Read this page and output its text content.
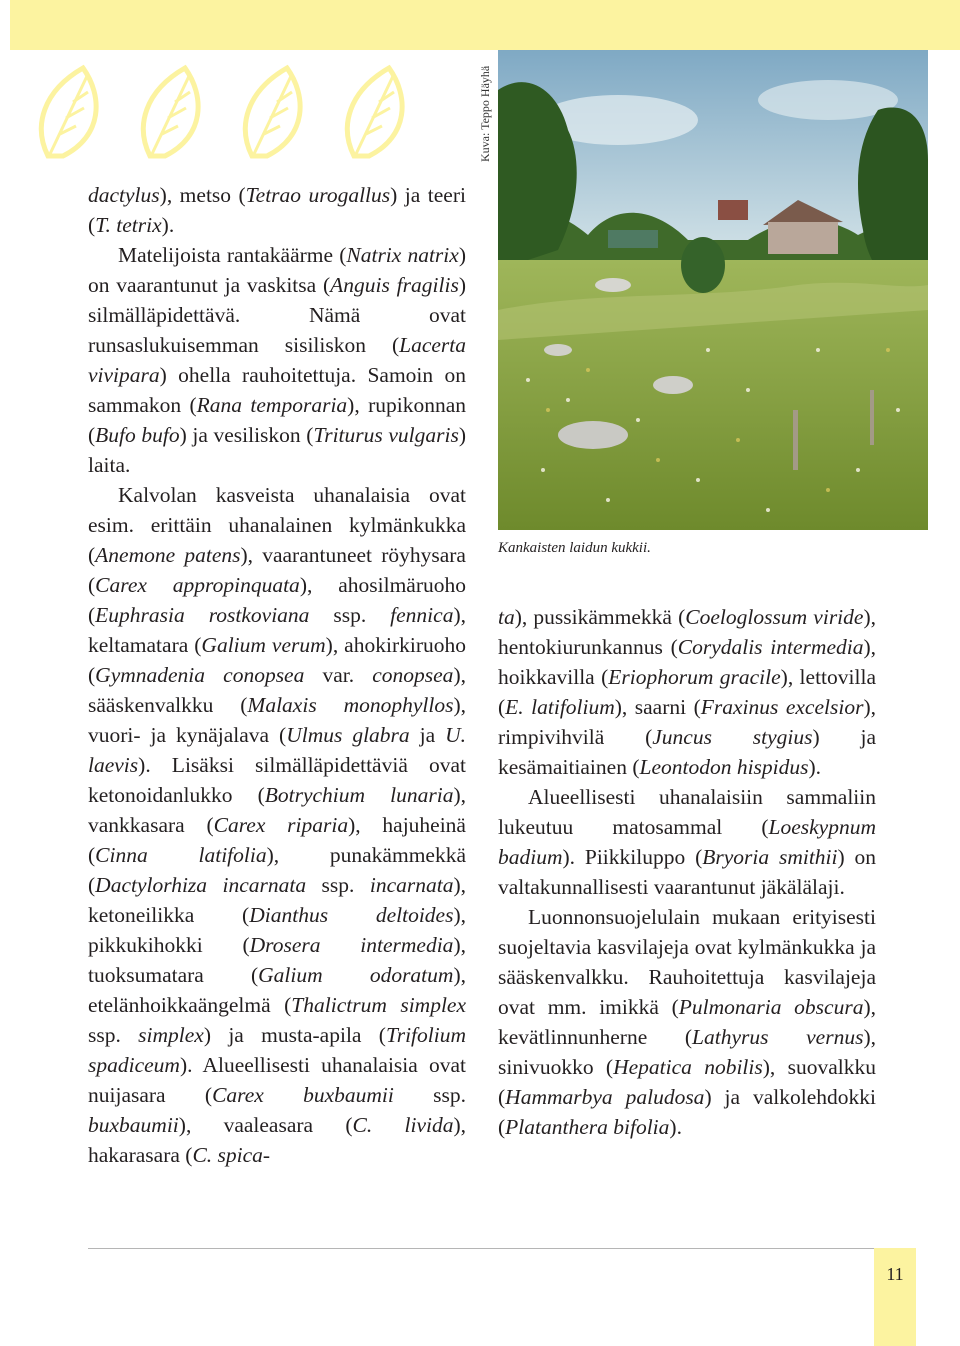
dactylus), metso (Tetrao urogallus) ja teeri (T. tetrix).

Matelijoista rantakäärme (Natrix natrix) on vaarantunut ja vaskitsa (Anguis fragilis) silmälläpidettävä. Nämä ovat runsaslukuisemman sisiliskon (Lacerta vivipara) ohella rauhoitettuja. Samoin on sammakon (Rana temporaria), rupikonnan (Bufo bufo) ja vesiliskon (Triturus vulgaris) laita.

Kalvolan kasveista uhanalaisia ovat esim. erittäin uhanalainen kylmänkukka (Anemone patens), vaarantuneet röyhysara (Carex appropinquata), ahosilmäruoho (Euphrasia rostkoviana ssp. fennica), keltamatara (Galium verum), ahokirkiruoho (Gymnadenia conopsea var. conopsea), sääskenvalkku (Malaxis monophyllos), vuori- ja kynäjalava (Ulmus glabra ja U. laevis). Lisäksi silmälläpidettäviä ovat ketonoidanlukko (Botrychium lunaria), vankkasara (Carex riparia), hajuheinä (Cinna latifolia), punakämmekkä (Dactylorhiza incarnata ssp. incarnata), ketoneilikka (Dianthus deltoides), pikkukihokki (Drosera intermedia), tuoksumatara (Galium odoratum), etelänhoikkaängelmä (Thalictrum simplex ssp. simplex) ja musta-apila (Trifolium spadiceum). Alueellisesti uhanalaisia ovat nuijasara (Carex buxbaumii ssp. buxbaumii), vaaleasara (C. livida), hakarasara (C. spica-

Kuva: Teppo Häyhä
Kankaisten laidun kukkii.

ta), pussikämmekkä (Coeloglossum viride), hentokiurunkannus (Corydalis intermedia), hoikkavilla (Eriophorum gracile), lettovilla (E. latifolium), saarni (Fraxinus excelsior), rimpivihvilä (Juncus stygius) ja kesämaitiainen (Leontodon hispidus).

Alueellisesti uhanalaisiin sammaliin lukeutuu matosammal (Loeskypnum badium). Piikkiluppo (Bryoria smithii) on valtakunnallisesti vaarantunut jäkälälaji.

Luonnonsuojelulain mukaan erityisesti suojeltavia kasvilajeja ovat kylmänkukka ja sääskenvalkku. Rauhoitettuja kasvilajeja ovat mm. imikkä (Pulmonaria obscura), kevätlinnunherne (Lathyrus vernus), sinivuokko (Hepatica nobilis), suovalkku (Hammarbya paludosa) ja valkolehdokki (Platanthera bifolia).

11
